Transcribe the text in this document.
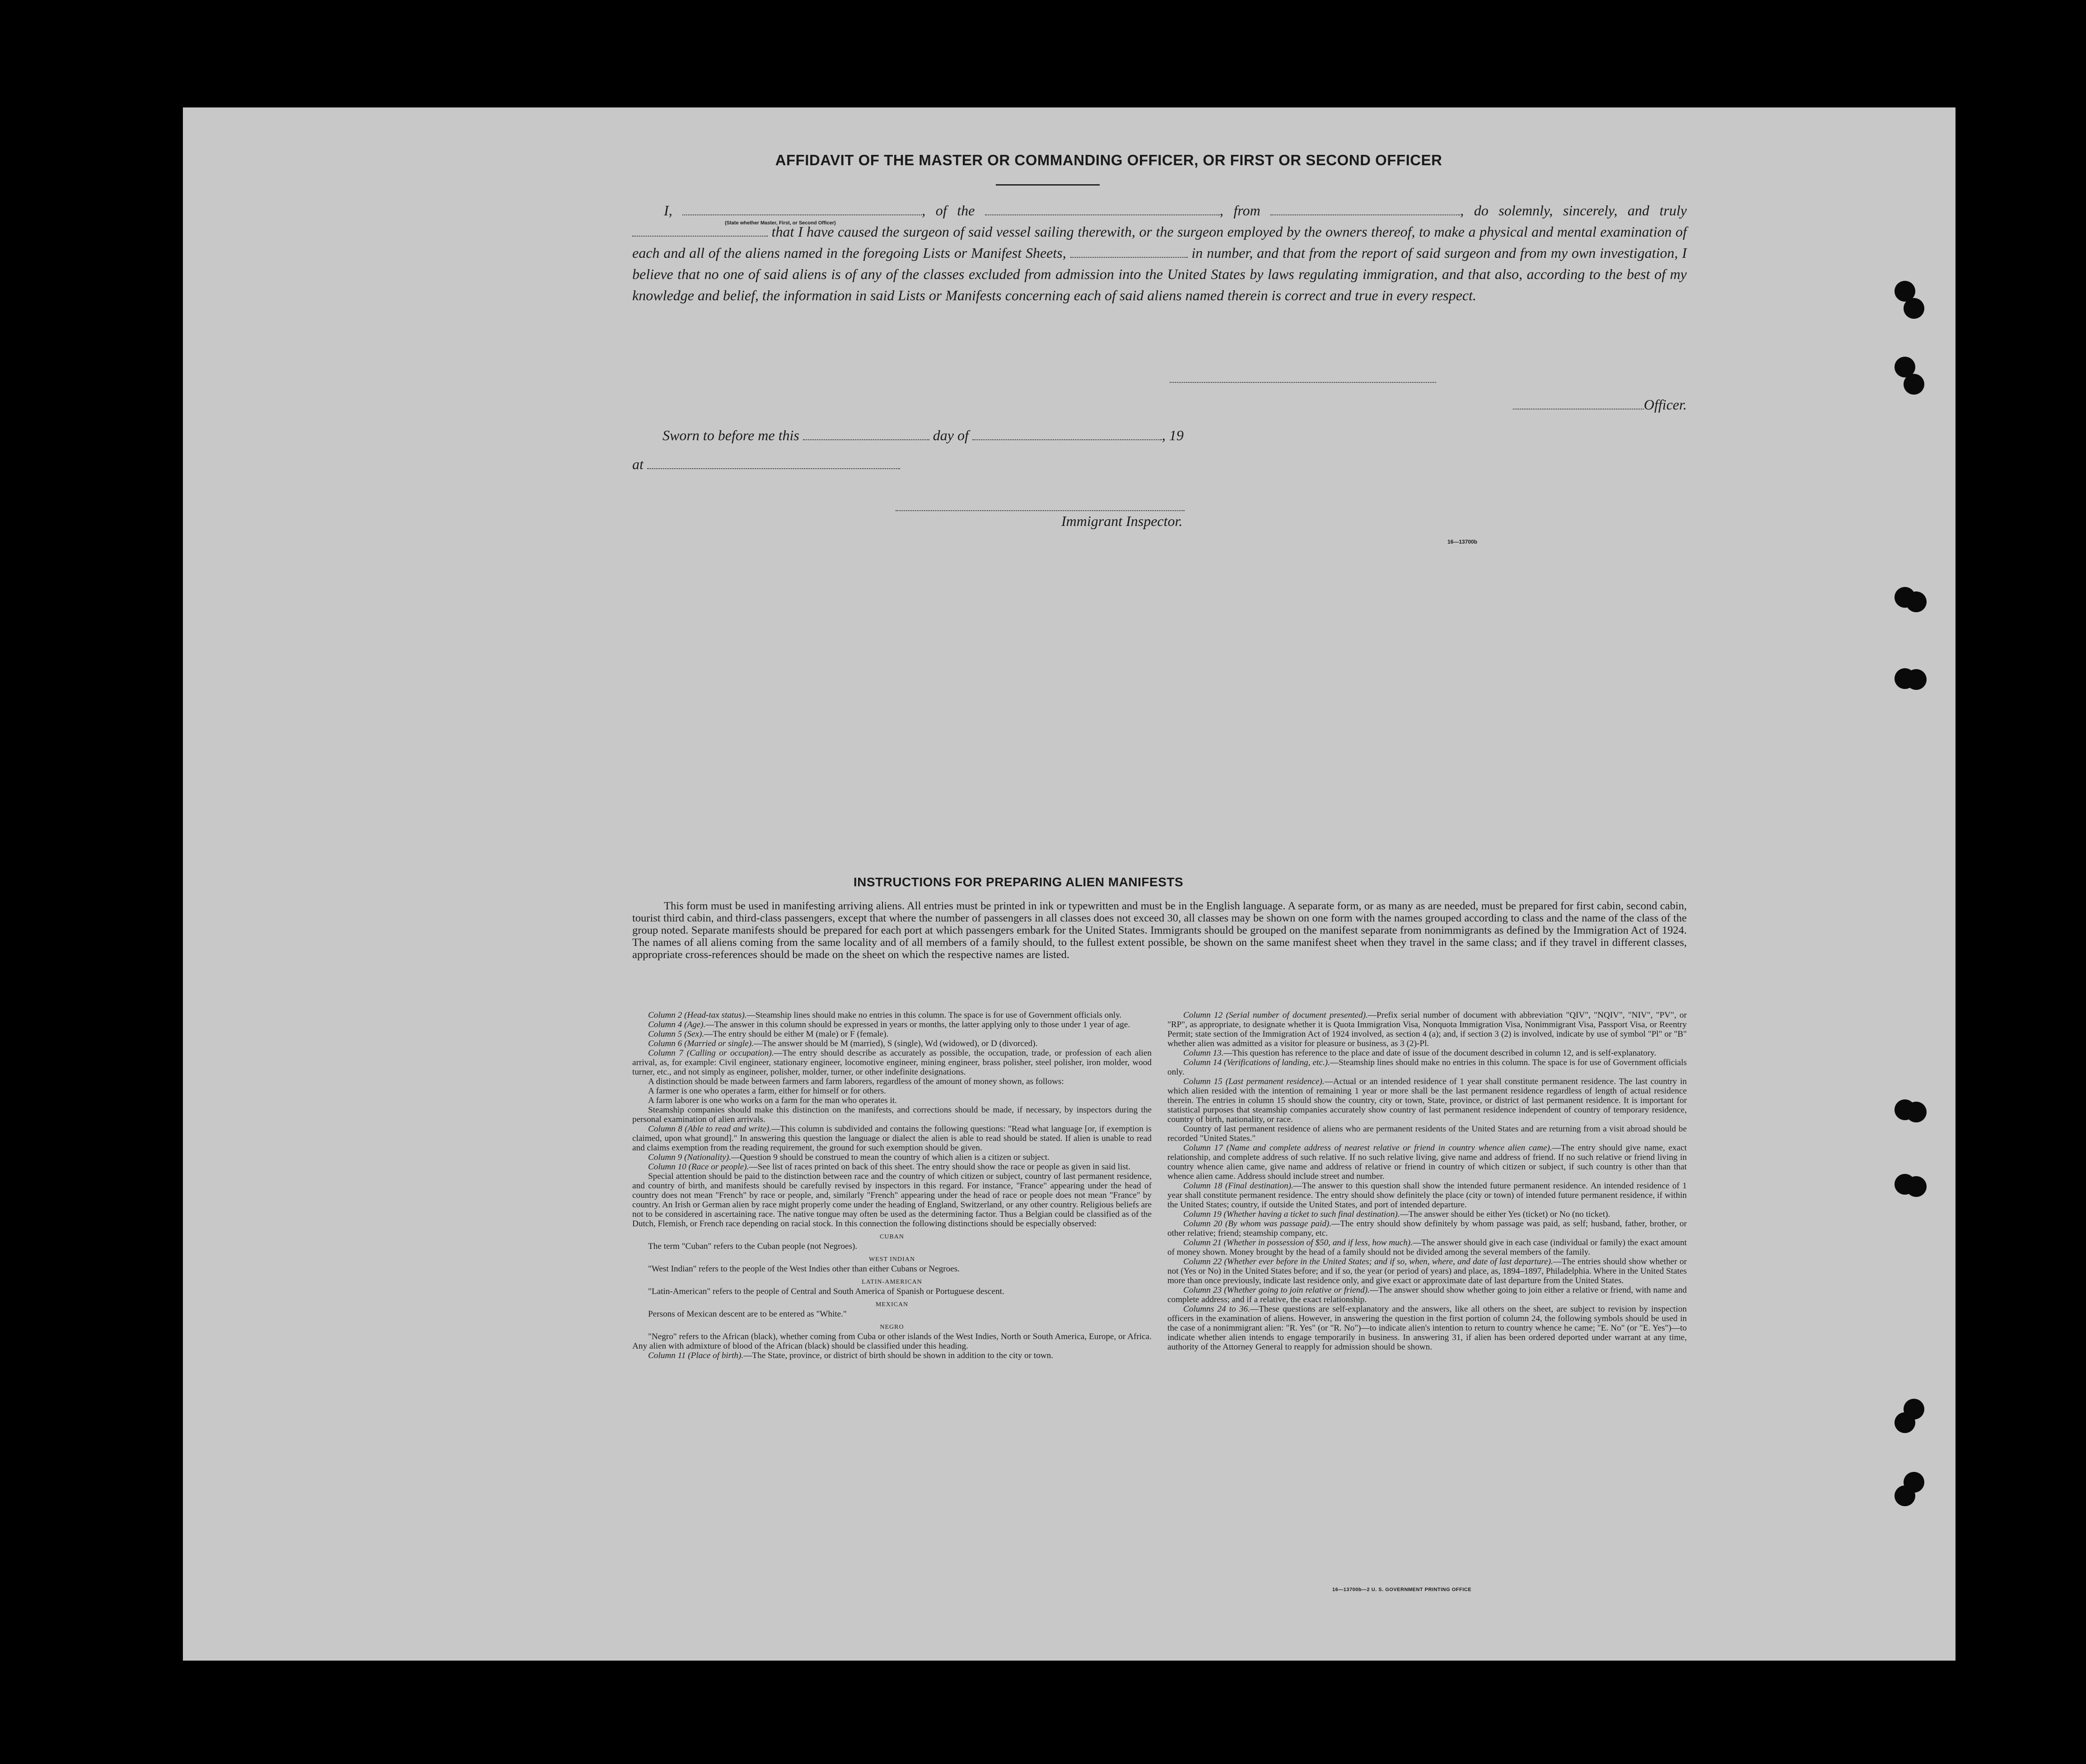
AFFIDAVIT OF THE MASTER OR COMMANDING OFFICER, OR FIRST OR SECOND OFFICER

I,	, of the	, from	, do solemnly, sincerely, and truly  that I have caused the surgeon of said vessel sailing therewith, or the surgeon employed by the owners thereof, to make a physical and mental examination of each and all of the aliens named in the foregoing Lists or Manifest Sheets,	in number, and that from the report of said surgeon and from my own investigation, I believe that no one of said aliens is of any of the classes excluded from admission into the United States by laws regulating immigration, and that also, according to the best of my knowledge and belief, the information in said Lists or Manifests concerning each of said aliens named therein is correct and true in every respect.

(State whether Master, First, or Second Officer)
Officer.
Sworn to before me this	day of	, 19
at
Immigrant Inspector.
16—13700b
INSTRUCTIONS FOR PREPARING ALIEN MANIFESTS

This form must be used in manifesting arriving aliens. All entries must be printed in ink or typewritten and must be in the English language. A separate form, or as many as are needed, must be prepared for first cabin, second cabin, tourist third cabin, and third-class passengers, except that where the number of passengers in all classes does not exceed 30, all classes may be shown on one form with the names grouped according to class and the name of the class of the group noted. Separate manifests should be prepared for each port at which passengers embark for the United States. Immigrants should be grouped on the manifest separate from nonimmigrants as defined by the Immigration Act of 1924. The names of all aliens coming from the same locality and of all members of a family should, to the fullest extent possible, be shown on the same manifest sheet when they travel in the same class; and if they travel in different classes, appropriate cross-references should be made on the sheet on which the respective names are listed.

Column 2 (Head-tax status).—Steamship lines should make no entries in this column. The space is for use of Government officials only.

Column 4 (Age).—The answer in this column should be expressed in years or months, the latter applying only to those under 1 year of age.

Column 5 (Sex).—The entry should be either M (male) or F (female).

Column 6 (Married or single).—The answer should be M (married), S (single), Wd (widowed), or D (divorced).

Column 7 (Calling or occupation).—The entry should describe as accurately as possible, the occupation, trade, or profession of each alien arrival, as, for example: Civil engineer, stationary engineer, locomotive engineer, mining engineer, brass polisher, steel polisher, iron molder, wood turner, etc., and not simply as engineer, polisher, molder, turner, or other indefinite designations.

A distinction should be made between farmers and farm laborers, regardless of the amount of money shown, as follows:

A farmer is one who operates a farm, either for himself or for others.

A farm laborer is one who works on a farm for the man who operates it.

Steamship companies should make this distinction on the manifests, and corrections should be made, if necessary, by inspectors during the personal examination of alien arrivals.

Column 8 (Able to read and write).—This column is subdivided and contains the following questions: "Read what language [or, if exemption is claimed, upon what ground]." In answering this question the language or dialect the alien is able to read should be stated. If alien is unable to read and claims exemption from the reading requirement, the ground for such exemption should be given.

Column 9 (Nationality).—Question 9 should be construed to mean the country of which alien is a citizen or subject.

Column 10 (Race or people).—See list of races printed on back of this sheet. The entry should show the race or people as given in said list.

Special attention should be paid to the distinction between race and the country of which citizen or subject, country of last permanent residence, and country of birth, and manifests should be carefully revised by inspectors in this regard. For instance, "France" appearing under the head of country does not mean "French" by race or people, and, similarly "French" appearing under the head of race or people does not mean "France" by country. An Irish or German alien by race might properly come under the heading of England, Switzerland, or any other country. Religious beliefs are not to be considered in ascertaining race. The native tongue may often be used as the determining factor. Thus a Belgian could be classified as of the Dutch, Flemish, or French race depending on racial stock. In this connection the following distinctions should be especially observed:

CUBAN

The term "Cuban" refers to the Cuban people (not Negroes).

WEST INDIAN

"West Indian" refers to the people of the West Indies other than either Cubans or Negroes.

LATIN-AMERICAN

"Latin-American" refers to the people of Central and South America of Spanish or Portuguese descent.

MEXICAN

Persons of Mexican descent are to be entered as "White."

NEGRO

"Negro" refers to the African (black), whether coming from Cuba or other islands of the West Indies, North or South America, Europe, or Africa. Any alien with admixture of blood of the African (black) should be classified under this heading.

Column 11 (Place of birth).—The State, province, or district of birth should be shown in addition to the city or town.

Column 12 (Serial number of document presented).—Prefix serial number of document with abbreviation "QIV", "NQIV", "NIV", "PV", or "RP", as appropriate, to designate whether it is Quota Immigration Visa, Nonquota Immigration Visa, Nonimmigrant Visa, Passport Visa, or Reentry Permit; state section of the Immigration Act of 1924 involved, as section 4 (a); and, if section 3 (2) is involved, indicate by use of symbol "Pl" or "B" whether alien was admitted as a visitor for pleasure or business, as 3 (2)-Pl.

Column 13.—This question has reference to the place and date of issue of the document described in column 12, and is self-explanatory.

Column 14 (Verifications of landing, etc.).—Steamship lines should make no entries in this column. The space is for use of Government officials only.

Column 15 (Last permanent residence).—Actual or an intended residence of 1 year shall constitute permanent residence. The last country in which alien resided with the intention of remaining 1 year or more shall be the last permanent residence regardless of length of actual residence therein. The entries in column 15 should show the country, city or town, State, province, or district of last permanent residence. It is important for statistical purposes that steamship companies accurately show country of last permanent residence independent of country of temporary residence, country of birth, nationality, or race.

Country of last permanent residence of aliens who are permanent residents of the United States and are returning from a visit abroad should be recorded "United States."

Column 17 (Name and complete address of nearest relative or friend in country whence alien came).—The entry should give name, exact relationship, and complete address of such relative. If no such relative living, give name and address of friend. If no such relative or friend living in country whence alien came, give name and address of relative or friend in country of which citizen or subject, if such country is other than that whence alien came. Address should include street and number.

Column 18 (Final destination).—The answer to this question shall show the intended future permanent residence. An intended residence of 1 year shall constitute permanent residence. The entry should show definitely the place (city or town) of intended future permanent residence, if within the United States; country, if outside the United States, and port of intended departure.

Column 19 (Whether having a ticket to such final destination).—The answer should be either Yes (ticket) or No (no ticket).

Column 20 (By whom was passage paid).—The entry should show definitely by whom passage was paid, as self; husband, father, brother, or other relative; friend; steamship company, etc.

Column 21 (Whether in possession of $50, and if less, how much).—The answer should give in each case (individual or family) the exact amount of money shown. Money brought by the head of a family should not be divided among the several members of the family.

Column 22 (Whether ever before in the United States; and if so, when, where, and date of last departure).—The entries should show whether or not (Yes or No) in the United States before; and if so, the year (or period of years) and place, as, 1894–1897, Philadelphia. Where in the United States more than once previously, indicate last residence only, and give exact or approximate date of last departure from the United States.

Column 23 (Whether going to join relative or friend).—The answer should show whether going to join either a relative or friend, with name and complete address; and if a relative, the exact relationship.

Columns 24 to 36.—These questions are self-explanatory and the answers, like all others on the sheet, are subject to revision by inspection officers in the examination of aliens. However, in answering the question in the first portion of column 24, the following symbols should be used in the case of a nonimmigrant alien: "R. Yes" (or "R. No")—to indicate alien's intention to return to country whence he came; "E. No" (or "E. Yes")—to indicate whether alien intends to engage temporarily in business. In answering 31, if alien has been ordered deported under warrant at any time, authority of the Attorney General to reapply for admission should be shown.

16—13700b—2 U. S. GOVERNMENT PRINTING OFFICE
